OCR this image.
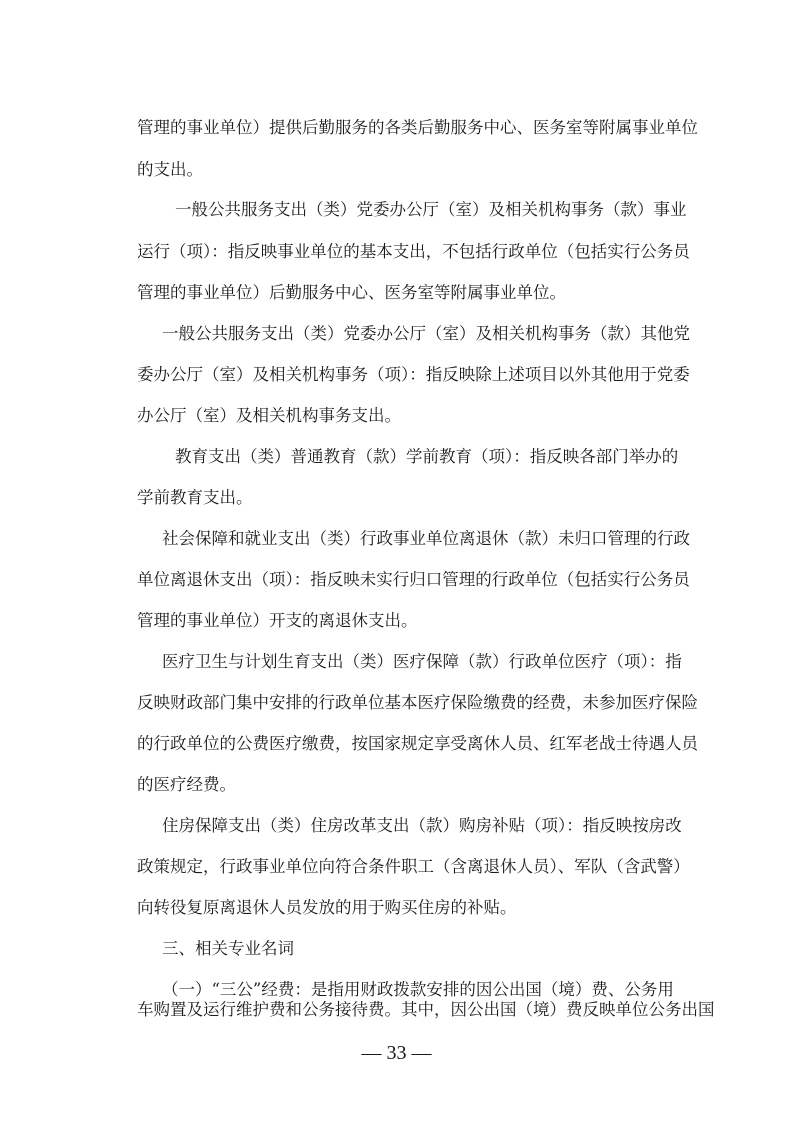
管理的事业单位）提供后勤服务的各类后勤服务中心、医务室等附属事业单位
的支出。
一般公共服务支出（类）党委办公厅（室）及相关机构事务（款）事业
运行（项）：指反映事业单位的基本支出，不包括行政单位（包括实行公务员
管理的事业单位）后勤服务中心、医务室等附属事业单位。
一般公共服务支出（类）党委办公厅（室）及相关机构事务（款）其他党
委办公厅（室）及相关机构事务（项）：指反映除上述项目以外其他用于党委
办公厅（室）及相关机构事务支出。
教育支出（类）普通教育（款）学前教育（项）：指反映各部门举办的
学前教育支出。
社会保障和就业支出（类）行政事业单位离退休（款）未归口管理的行政
单位离退休支出（项）：指反映未实行归口管理的行政单位（包括实行公务员
管理的事业单位）开支的离退休支出。
医疗卫生与计划生育支出（类）医疗保障（款）行政单位医疗（项）：指
反映财政部门集中安排的行政单位基本医疗保险缴费的经费，未参加医疗保险
的行政单位的公费医疗缴费，按国家规定享受离休人员、红军老战士待遇人员
的医疗经费。
住房保障支出（类）住房改革支出（款）购房补贴（项）：指反映按房改
政策规定，行政事业单位向符合条件职工（含离退休人员）、军队（含武警）
向转役复原离退休人员发放的用于购买住房的补贴。
三、相关专业名词
（一）“三公”经费：是指用财政拨款安排的因公出国（境）费、公务用
车购置及运行维护费和公务接待费。其中，因公出国（境）费反映单位公务出国
— 33 —
